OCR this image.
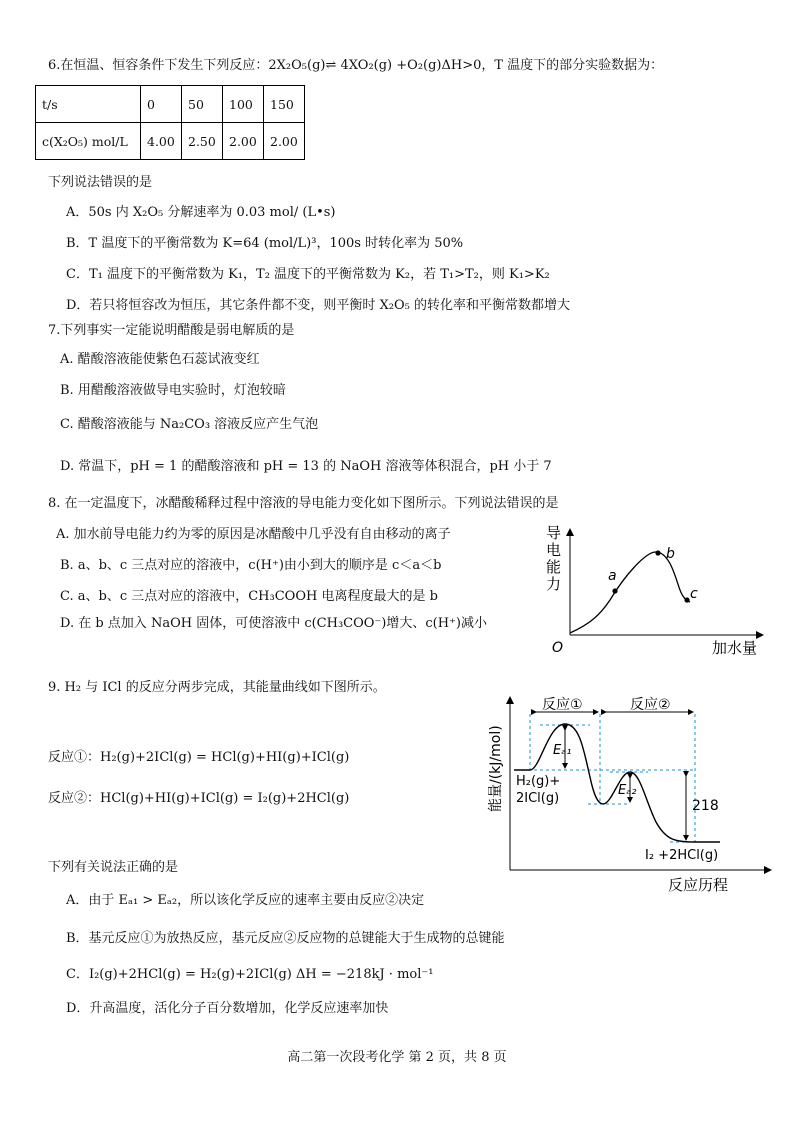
6.在恒温、恒容条件下发生下列反应：2X₂O₅(g)⇌ 4XO₂(g) +O₂(g)ΔH>0，T 温度下的部分实验数据为：
t/s	0	50	100	150
c(X₂O₅) mol/L	4.00	2.50	2.00	2.00
下列说法错误的是
A．50s 内 X₂O₅ 分解速率为 0.03 mol/ (L•s)
B．T 温度下的平衡常数为 K=64 (mol/L)³，100s 时转化率为 50%
C．T₁ 温度下的平衡常数为 K₁，T₂ 温度下的平衡常数为 K₂，若 T₁>T₂，则 K₁>K₂
D．若只将恒容改为恒压，其它条件都不变，则平衡时 X₂O₅ 的转化率和平衡常数都增大
7.下列事实一定能说明醋酸是弱电解质的是
A. 醋酸溶液能使紫色石蕊试液变红
B. 用醋酸溶液做导电实验时，灯泡较暗
C. 醋酸溶液能与 Na₂CO₃ 溶液反应产生气泡
D. 常温下，pH = 1 的醋酸溶液和 pH = 13 的 NaOH 溶液等体积混合，pH 小于 7
8. 在一定温度下，冰醋酸稀释过程中溶液的导电能力变化如下图所示。下列说法错误的是
A. 加水前导电能力约为零的原因是冰醋酸中几乎没有自由移动的离子
B. a、b、c 三点对应的溶液中，c(H⁺)由小到大的顺序是 c＜a＜b
C. a、b、c 三点对应的溶液中，CH₃COOH 电离程度最大的是 b
D. 在 b 点加入 NaOH 固体，可使溶液中 c(CH₃COO⁻)增大、c(H⁺)减小
a
b
c
导
电
能
力
O	加水量
9. H₂ 与 ICl 的反应分两步完成，其能量曲线如下图所示。
反应①：H₂(g)+2ICl(g) = HCl(g)+HI(g)+ICl(g)
反应②：HCl(g)+HI(g)+ICl(g) = I₂(g)+2HCl(g)
下列有关说法正确的是
A．由于 Eₐ₁ > Eₐ₂，所以该化学反应的速率主要由反应②决定
B．基元反应①为放热反应，基元反应②反应物的总键能大于生成物的总键能
C．I₂(g)+2HCl(g) = H₂(g)+2ICl(g) ΔH = −218kJ · mol⁻¹
D．升高温度，活化分子百分数增加，化学反应速率加快
能量/(kJ/mol)
反应历程
反应①	反应②
Eₐ₁
Eₐ₂
218
H₂(g)+
2ICl(g)
I₂ +2HCl(g)
高二第一次段考化学 第 2 页，共 8 页
